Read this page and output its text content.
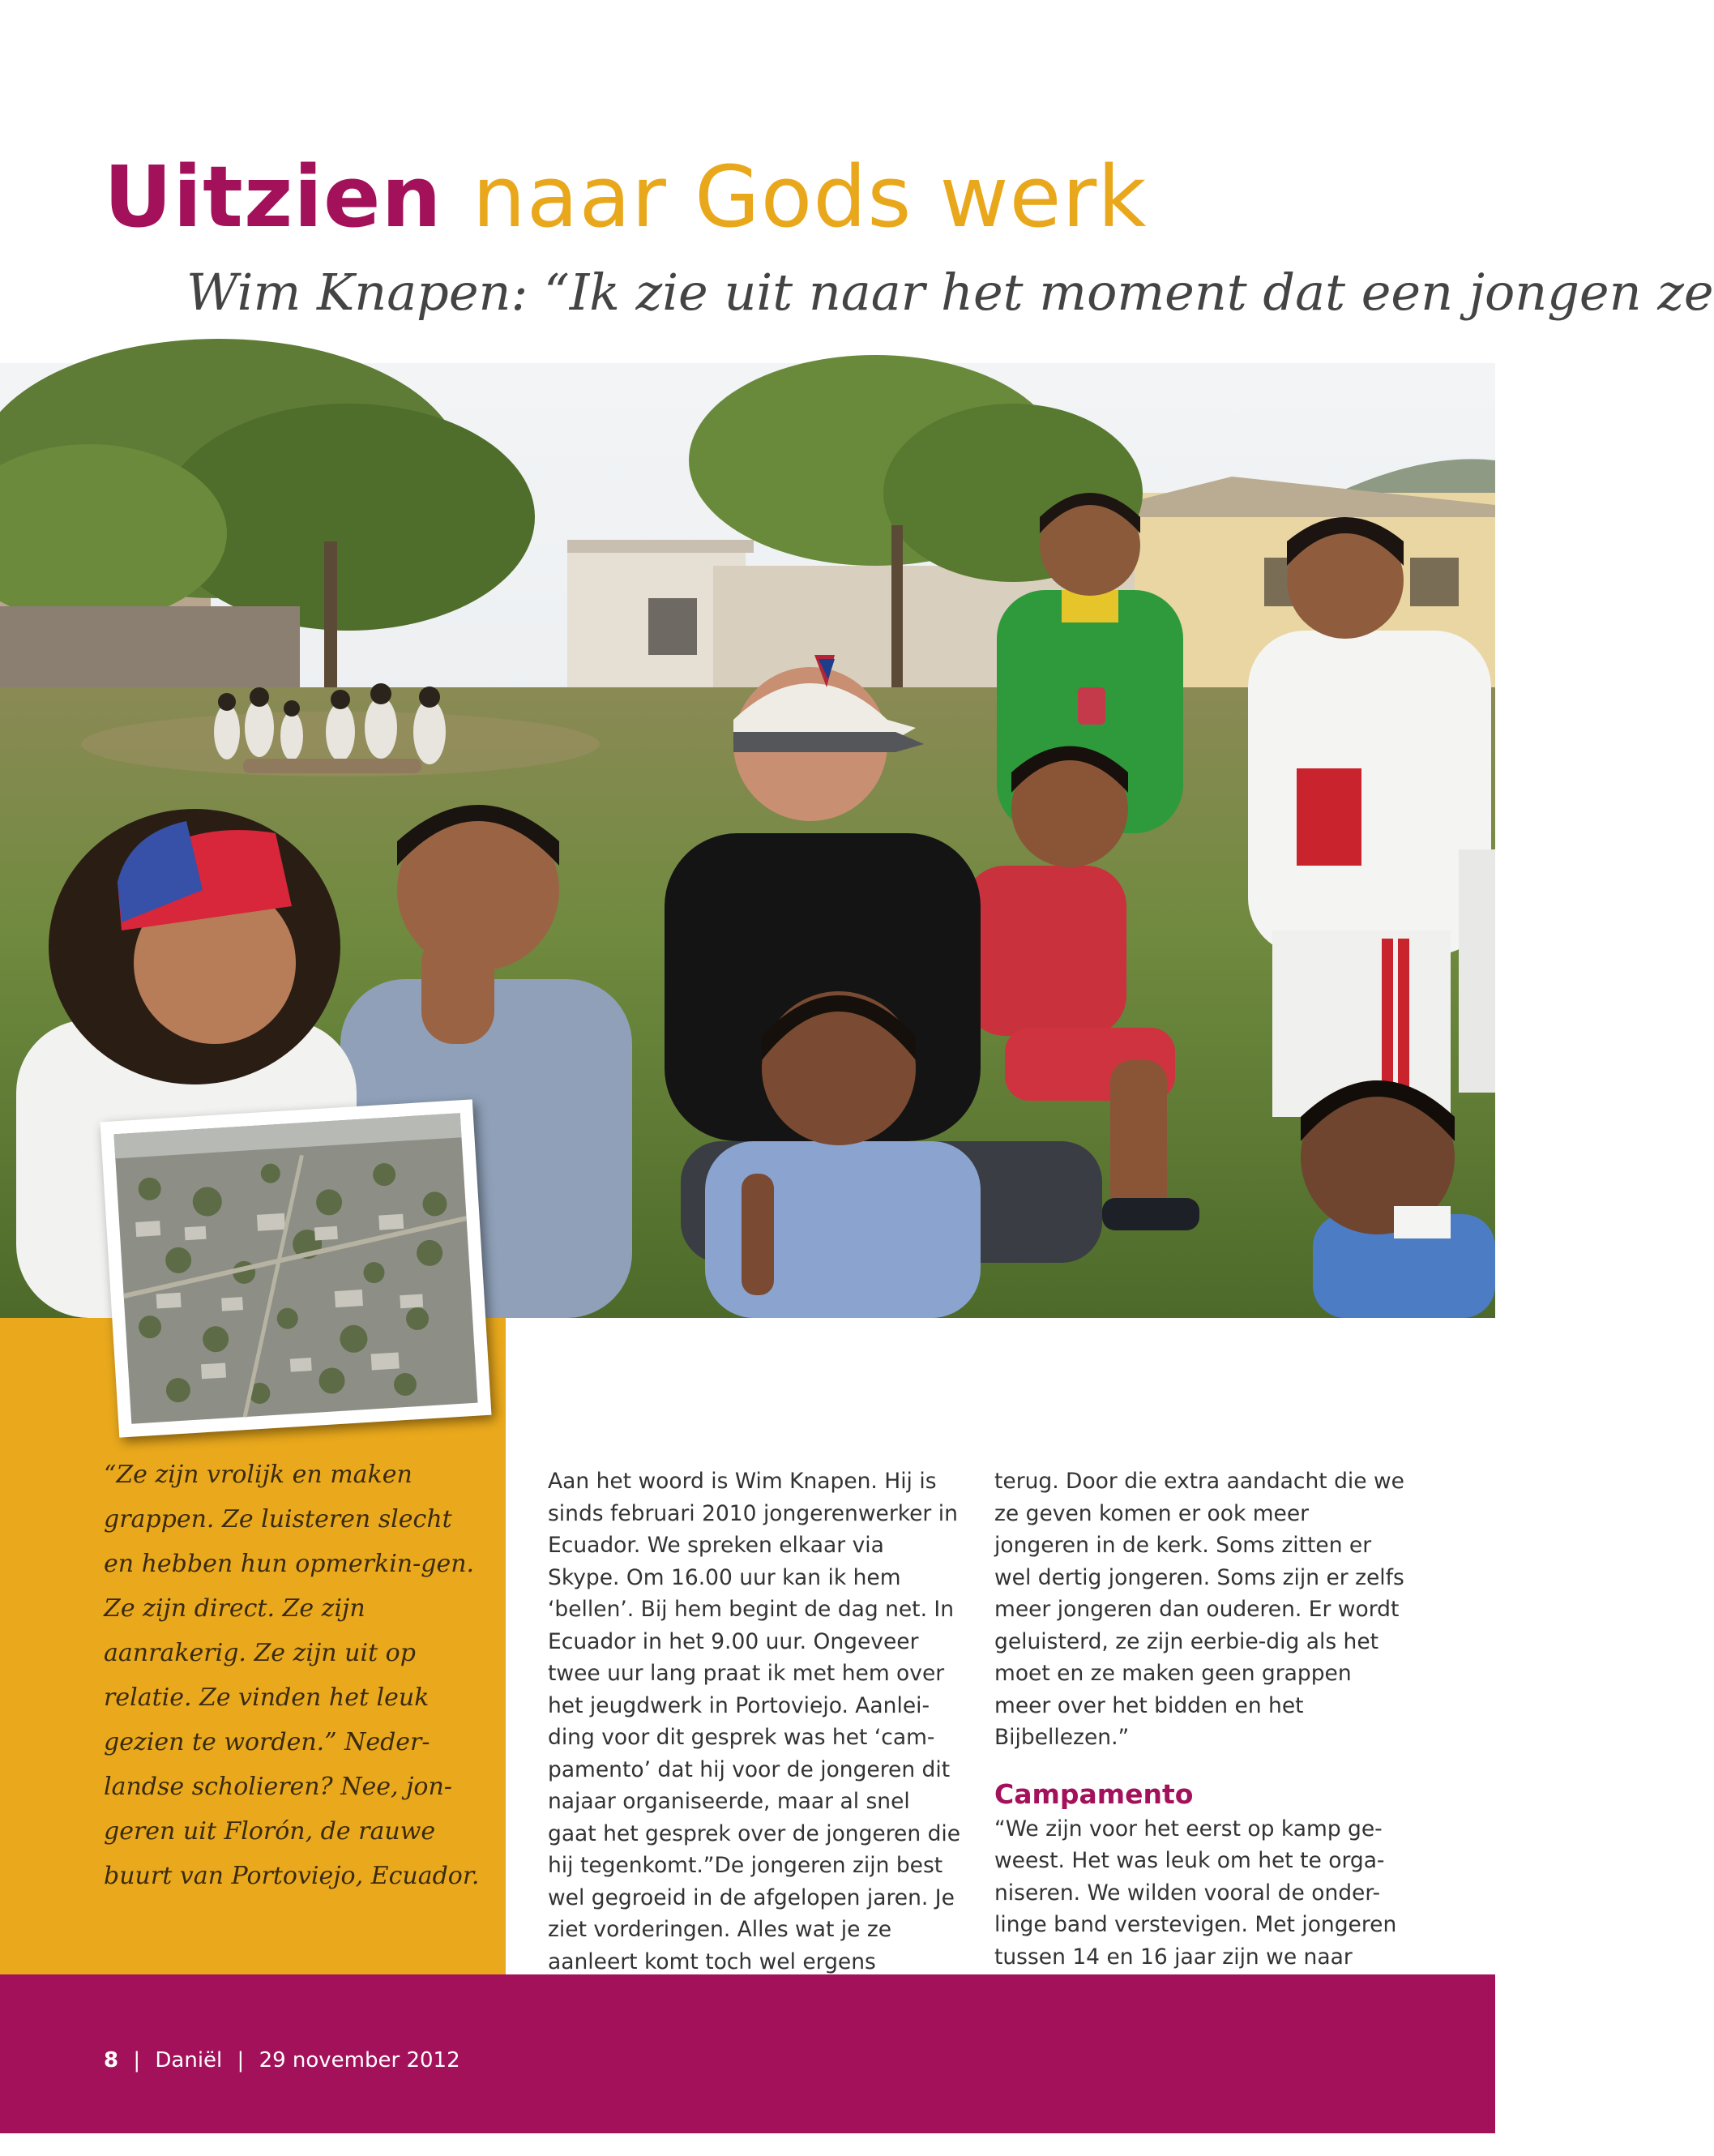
Uitzien naar Gods werk
Wim Knapen: “Ik zie uit naar het moment dat een jongen ze
“Ze zijn vrolijk en maken grappen. Ze luisteren slecht en hebben hun opmerkin-gen. Ze zijn direct. Ze zijn aanrakerig. Ze zijn uit op relatie. Ze vinden het leuk gezien te worden.” Neder-landse scholieren? Nee, jon-geren uit Florón, de rauwe buurt van Portoviejo, Ecuador.

Aan het woord is Wim Knapen. Hij is sinds februari 2010 jongerenwerker in Ecuador. We spreken elkaar via Skype. Om 16.00 uur kan ik hem ‘bellen’. Bij hem begint de dag net. In Ecuador in het 9.00 uur. Ongeveer twee uur lang praat ik met hem over het jeugdwerk in Portoviejo. Aanlei-ding voor dit gesprek was het ‘cam-pamento’ dat hij voor de jongeren dit najaar organiseerde, maar al snel gaat het gesprek over de jongeren die hij tegenkomt.”De jongeren zijn best wel gegroeid in de afgelopen jaren. Je ziet vorderingen. Alles wat je ze aanleert komt toch wel ergens

terug. Door die extra aandacht die we ze geven komen er ook meer jongeren in de kerk. Soms zitten er wel dertig jongeren. Soms zijn er zelfs meer jongeren dan ouderen. Er wordt geluisterd, ze zijn eerbie-dig als het moet en ze maken geen grappen meer over het bidden en het Bijbellezen.”

Campamento

“We zijn voor het eerst op kamp ge-weest. Het was leuk om het te orga-niseren. We wilden vooral de onder-linge band verstevigen. Met jongeren tussen 14 en 16 jaar zijn we naar

8 | Daniël | 29 november 2012
